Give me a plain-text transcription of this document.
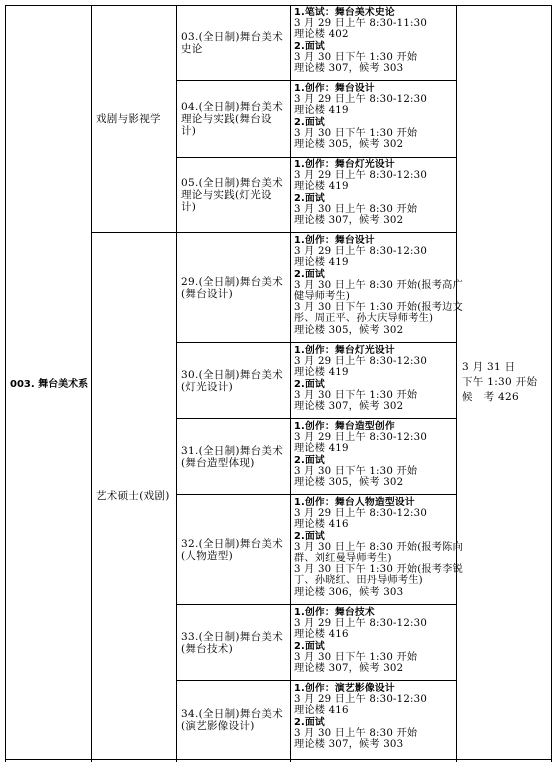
003. 舞台美术系
戏剧与影视学
艺术硕士(戏剧)
3 月 31 日
下午 1:30 开始
候　考 426
03.(全日制)舞台美术
史论
04.(全日制)舞台美术
理论与实践(舞台设
计)
05.(全日制)舞台美术
理论与实践(灯光设
计)
29.(全日制)舞台美术
(舞台设计)
30.(全日制)舞台美术
(灯光设计)
31.(全日制)舞台美术
(舞台造型体现)
32.(全日制)舞台美术
(人物造型)
33.(全日制)舞台美术
(舞台技术)
34.(全日制)舞台美术
(演艺影像设计)
1.笔试：舞台美术史论
3 月 29 日上午 8:30-11:30
理论楼 402
2.面试
3 月 30 日下午 1:30 开始
理论楼 307，候考 303
1.创作：舞台设计
3 月 29 日上午 8:30-12:30
理论楼 419
2.面试
3 月 30 日下午 1:30 开始
理论楼 305，候考 302
1.创作：舞台灯光设计
3 月 29 日上午 8:30-12:30
理论楼 419
2.面试
3 月 30 日上午 8:30 开始
理论楼 307，候考 302
1.创作：舞台设计
3 月 29 日上午 8:30-12:30
理论楼 419
2.面试
3 月 30 日上午 8:30 开始(报考高广
健导师考生)
3 月 30 日下午 1:30 开始(报考边文
彤、周正平、孙大庆导师考生)
理论楼 305，候考 302
1.创作：舞台灯光设计
3 月 29 日上午 8:30-12:30
理论楼 419
2.面试
3 月 30 日下午 1:30 开始
理论楼 307，候考 302
1.创作：舞台造型创作
3 月 29 日上午 8:30-12:30
理论楼 419
2.面试
3 月 30 日下午 1:30 开始
理论楼 305，候考 302
1.创作：舞台人物造型设计
3 月 29 日上午 8:30-12:30
理论楼 416
2.面试
3 月 30 日上午 8:30 开始(报考陈向
群、刘红曼导师考生)
3 月 30 日下午 1:30 开始(报考李锐
丁、孙晓红、田丹导师考生)
理论楼 306，候考 303
1.创作：舞台技术
3 月 29 日上午 8:30-12:30
理论楼 416
2.面试
3 月 30 日下午 1:30 开始
理论楼 307，候考 302
1.创作：演艺影像设计
3 月 29 日上午 8:30-12:30
理论楼 416
2.面试
3 月 30 日上午 8:30 开始
理论楼 307，候考 303
